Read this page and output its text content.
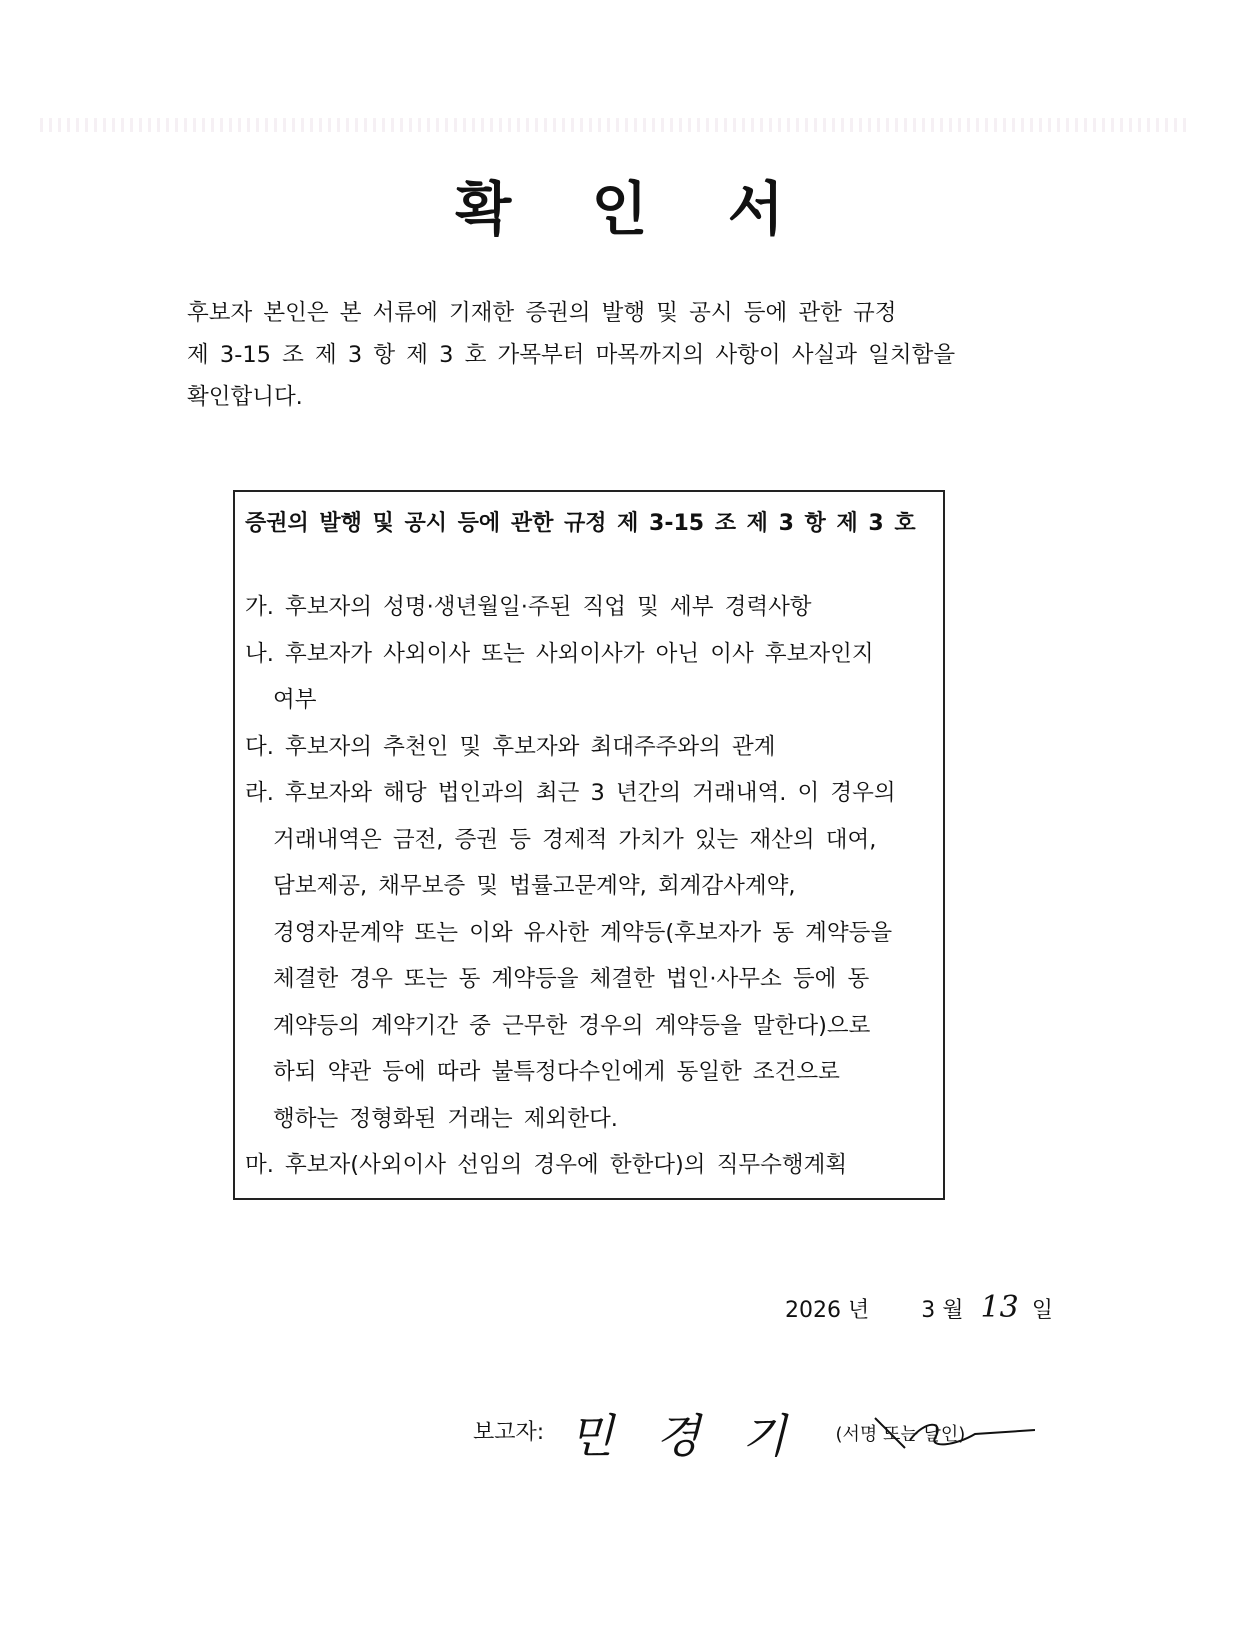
확 인 서

후보자 본인은 본 서류에 기재한 증권의 발행 및 공시 등에 관한 규정

제 3-15 조 제 3 항 제 3 호 가목부터 마목까지의 사항이 사실과 일치함을

확인합니다.

증권의 발행 및 공시 등에 관한 규정 제 3-15 조 제 3 항 제 3 호

가. 후보자의 성명·생년월일·주된 직업 및 세부 경력사항

나. 후보자가 사외이사 또는 사외이사가 아닌 이사 후보자인지

여부

다. 후보자의 추천인 및 후보자와 최대주주와의 관계

라. 후보자와 해당 법인과의 최근 3 년간의 거래내역. 이 경우의

거래내역은 금전, 증권 등 경제적 가치가 있는 재산의 대여,

담보제공, 채무보증 및 법률고문계약, 회계감사계약,

경영자문계약 또는 이와 유사한 계약등(후보자가 동 계약등을

체결한 경우 또는 동 계약등을 체결한 법인·사무소 등에 동

계약등의 계약기간 중 근무한 경우의 계약등을 말한다)으로

하되 약관 등에 따라 불특정다수인에게 동일한 조건으로

행하는 정형화된 거래는 제외한다.

마. 후보자(사외이사 선임의 경우에 한한다)의 직무수행계획

2026 년 3 월 13 일
보고자: 민경기 (서명 또는 날인)
